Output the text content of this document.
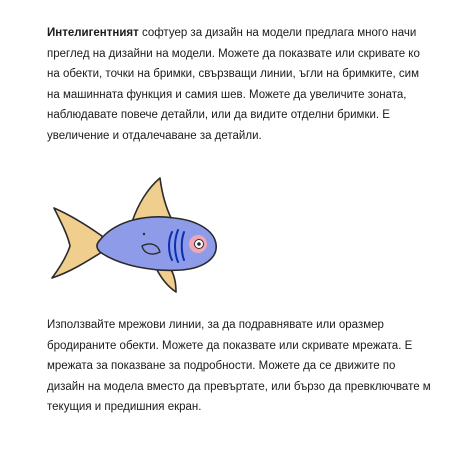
Интелигентният софтуер за дизайн на модели предлага много начи
преглед на дизайни на модели. Можете да показвате или скривате ко
на обекти, точки на бримки, свързващи линии, ъгли на бримките, сим
на машинната функция и самия шев. Можете да увеличите зоната,
наблюдавате повече детайли, или да видите отделни бримки. Е
увеличение и отдалечаване за детайли.

Използвайте мрежови линии, за да подравнявате или оразмер
бродираните обекти. Можете да показвате или скривате мрежата. Е
мрежата за показване за подробности. Можете да се движите по
дизайн на модела вместо да превъртате, или бързо да превключвате м
текущия и предишния екран.
